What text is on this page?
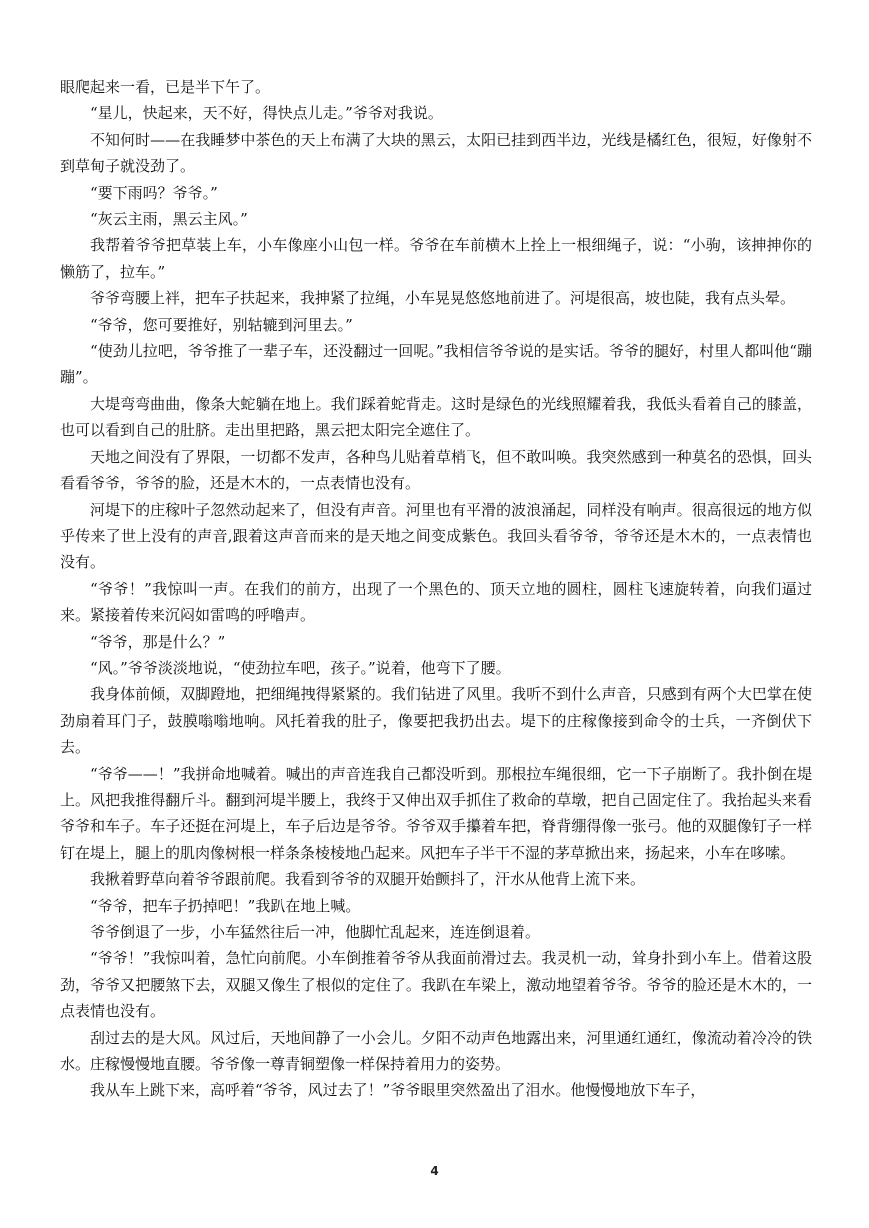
眼爬起来一看，已是半下午了。

“星儿，快起来，天不好，得快点儿走。”爷爷对我说。

不知何时——在我睡梦中茶色的天上布满了大块的黑云，太阳已挂到西半边，光线是橘红色，很短，好像射不到草甸子就没劲了。

“要下雨吗？爷爷。”

“灰云主雨，黑云主风。”

我帮着爷爷把草装上车，小车像座小山包一样。爷爷在车前横木上拴上一根细绳子，说：“小驹，该抻抻你的懒筋了，拉车。”

爷爷弯腰上袢，把车子扶起来，我抻紧了拉绳，小车晃晃悠悠地前进了。河堤很高，坡也陡，我有点头晕。

“爷爷，您可要推好，别轱辘到河里去。”

“使劲儿拉吧，爷爷推了一辈子车，还没翻过一回呢。”我相信爷爷说的是实话。爷爷的腿好，村里人都叫他“蹦蹦”。

大堤弯弯曲曲，像条大蛇躺在地上。我们踩着蛇背走。这时是绿色的光线照耀着我，我低头看着自己的膝盖，也可以看到自己的肚脐。走出里把路，黑云把太阳完全遮住了。

天地之间没有了界限，一切都不发声，各种鸟儿贴着草梢飞，但不敢叫唤。我突然感到一种莫名的恐惧，回头看看爷爷，爷爷的脸，还是木木的，一点表情也没有。

河堤下的庄稼叶子忽然动起来了，但没有声音。河里也有平滑的波浪涌起，同样没有响声。很高很远的地方似乎传来了世上没有的声音,跟着这声音而来的是天地之间变成紫色。我回头看爷爷，爷爷还是木木的，一点表情也没有。

“爷爷！”我惊叫一声。在我们的前方，出现了一个黑色的、顶天立地的圆柱，圆柱飞速旋转着，向我们逼过来。紧接着传来沉闷如雷鸣的呼噜声。

“爷爷，那是什么？”

“风。”爷爷淡淡地说，“使劲拉车吧，孩子。”说着，他弯下了腰。

我身体前倾，双脚蹬地，把细绳拽得紧紧的。我们钻进了风里。我听不到什么声音，只感到有两个大巴掌在使劲扇着耳门子，鼓膜嗡嗡地响。风托着我的肚子，像要把我扔出去。堤下的庄稼像接到命令的士兵，一齐倒伏下去。

“爷爷——！”我拼命地喊着。喊出的声音连我自己都没听到。那根拉车绳很细，它一下子崩断了。我扑倒在堤上。风把我推得翻斤斗。翻到河堤半腰上，我终于又伸出双手抓住了救命的草墩，把自己固定住了。我抬起头来看爷爷和车子。车子还挺在河堤上，车子后边是爷爷。爷爷双手攥着车把，脊背绷得像一张弓。他的双腿像钉子一样钉在堤上，腿上的肌肉像树根一样条条棱棱地凸起来。风把车子半干不湿的茅草掀出来，扬起来，小车在哆嗦。

我揪着野草向着爷爷跟前爬。我看到爷爷的双腿开始颤抖了，汗水从他背上流下来。

“爷爷，把车子扔掉吧！”我趴在地上喊。

爷爷倒退了一步，小车猛然往后一冲，他脚忙乱起来，连连倒退着。

“爷爷！”我惊叫着，急忙向前爬。小车倒推着爷爷从我面前滑过去。我灵机一动，耸身扑到小车上。借着这股劲，爷爷又把腰煞下去，双腿又像生了根似的定住了。我趴在车梁上，激动地望着爷爷。爷爷的脸还是木木的，一点表情也没有。

刮过去的是大风。风过后，天地间静了一小会儿。夕阳不动声色地露出来，河里通红通红，像流动着冷冷的铁水。庄稼慢慢地直腰。爷爷像一尊青铜塑像一样保持着用力的姿势。

我从车上跳下来，高呼着“爷爷，风过去了！”爷爷眼里突然盈出了泪水。他慢慢地放下车子，

4
